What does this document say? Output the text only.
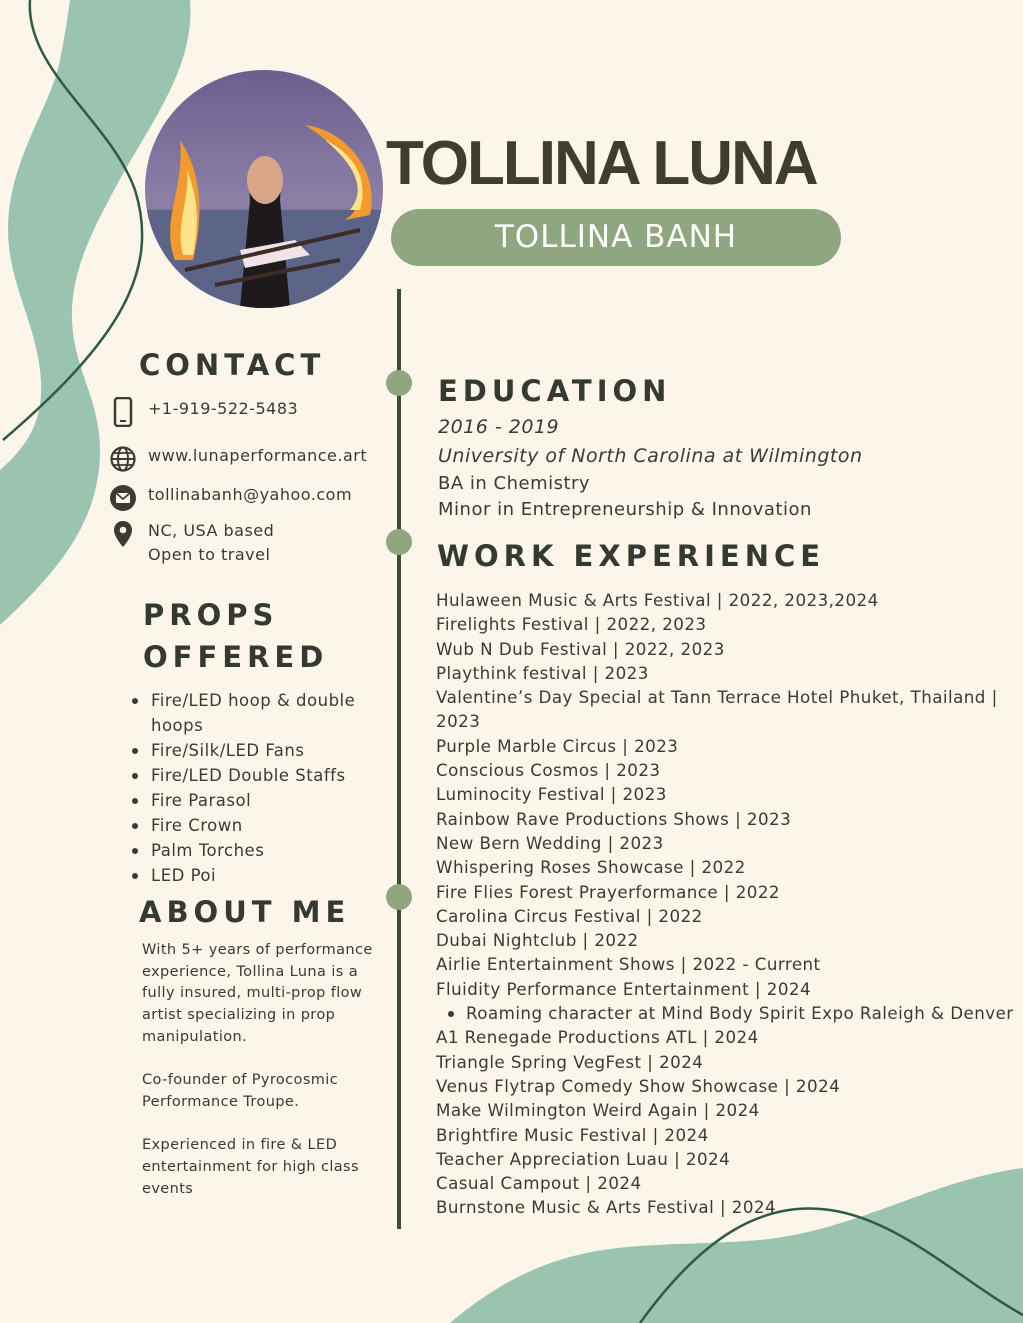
TOLLINA LUNA
TOLLINA BANH
CONTACT
+1-919-522-5483
www.lunaperformance.art
tollinabanh@yahoo.com
NC, USA based
Open to travel
PROPS
OFFERED
Fire/LED hoop & double hoops
Fire/Silk/LED Fans
Fire/LED Double Staffs
Fire Parasol
Fire Crown
Palm Torches
LED Poi
ABOUT ME

With 5+ years of performance experience, Tollina Luna is a fully insured, multi-prop flow artist specializing in prop manipulation.

Co-founder of Pyrocosmic Performance Troupe.

Experienced in fire & LED entertainment for high class events

EDUCATION
2016 - 2019
University of North Carolina at Wilmington
BA in Chemistry
Minor in Entrepreneurship & Innovation
WORK EXPERIENCE
Hulaween Music & Arts Festival | 2022, 2023,2024
Firelights Festival | 2022, 2023
Wub N Dub Festival | 2022, 2023
Playthink festival | 2023
Valentine’s Day Special at Tann Terrace Hotel Phuket, Thailand | 2023
Purple Marble Circus | 2023
Conscious Cosmos | 2023
Luminocity Festival | 2023
Rainbow Rave Productions Shows | 2023
New Bern Wedding | 2023
Whispering Roses Showcase | 2022
Fire Flies Forest Prayerformance | 2022
Carolina Circus Festival | 2022
Dubai Nightclub | 2022
Airlie Entertainment Shows | 2022 - Current
Fluidity Performance Entertainment | 2024
Roaming character at Mind Body Spirit Expo Raleigh & Denver
A1 Renegade Productions ATL | 2024
Triangle Spring VegFest | 2024
Venus Flytrap Comedy Show Showcase | 2024
Make Wilmington Weird Again | 2024
Brightfire Music Festival | 2024
Teacher Appreciation Luau | 2024
Casual Campout | 2024
Burnstone Music & Arts Festival | 2024
